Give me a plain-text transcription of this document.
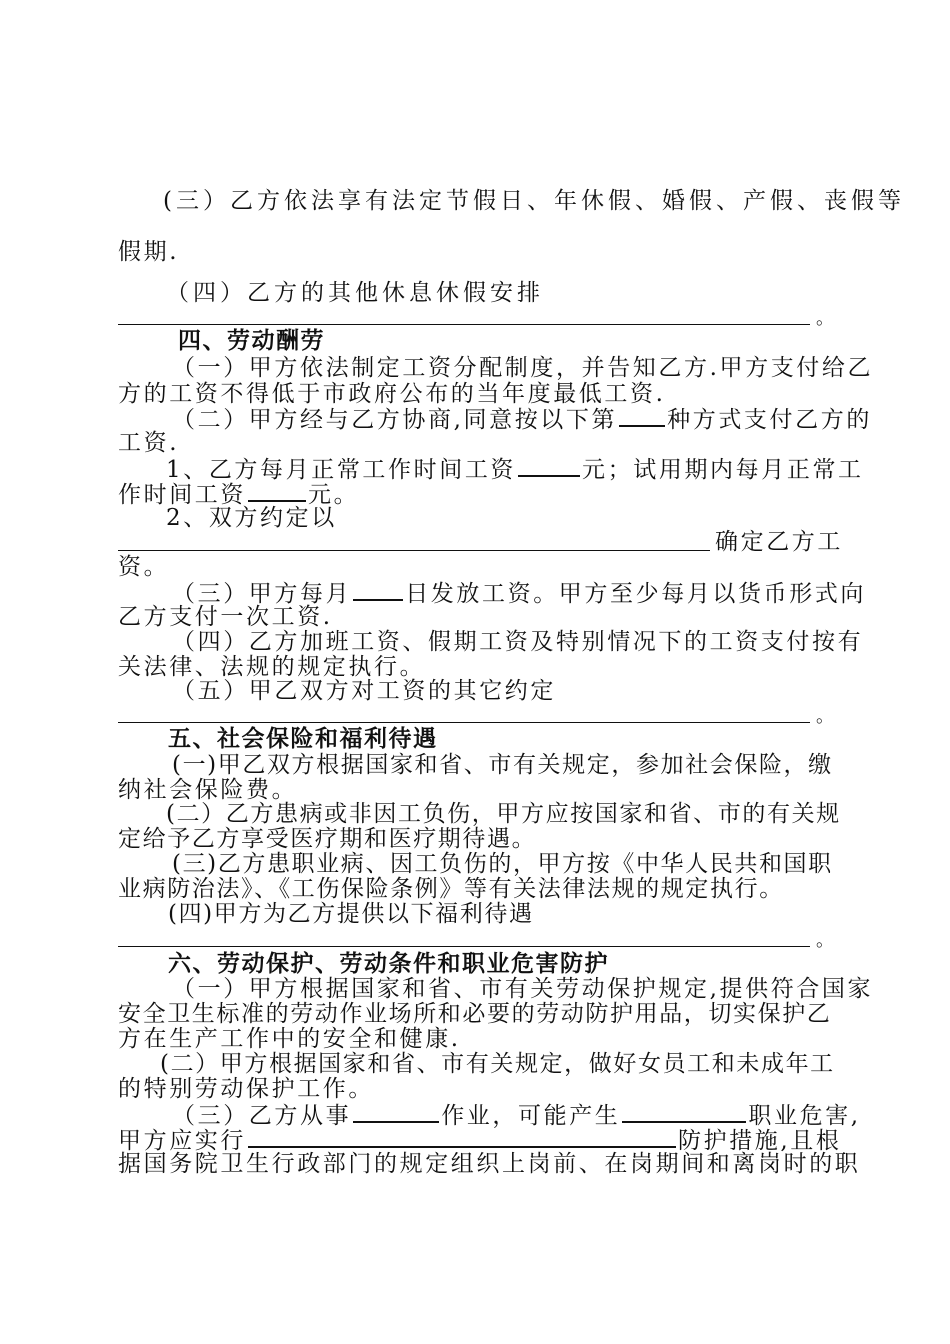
(三）乙方依法享有法定节假日、年休假、婚假、产假、丧假等
假期.
（四）乙方的其他休息休假安排
。
四、劳动酬劳
（一）甲方依法制定工资分配制度，并告知乙方.甲方支付给乙
方的工资不得低于市政府公布的当年度最低工资.
（二）甲方经与乙方协商,同意按以下第 种方式支付乙方的
工资.
1、乙方每月正常工作时间工资	元；试用期内每月正常工
作时间工资	元。
2、双方约定以
确定乙方工
资。
（三）甲方每月 日发放工资。甲方至少每月以货币形式向
乙方支付一次工资.
（四）乙方加班工资、假期工资及特别情况下的工资支付按有
关法律、法规的规定执行。
（五）甲乙双方对工资的其它约定
。
五、社会保险和福利待遇
(一)甲乙双方根据国家和省、市有关规定，参加社会保险，缴
纳社会保险费。
(二）乙方患病或非因工负伤，甲方应按国家和省、市的有关规
定给予乙方享受医疗期和医疗期待遇。
(三)乙方患职业病、因工负伤的，甲方按《中华人民共和国职
业病防治法》、《工伤保险条例》等有关法律法规的规定执行。
(四)甲方为乙方提供以下福利待遇
。
六、劳动保护、劳动条件和职业危害防护
（一）甲方根据国家和省、市有关劳动保护规定,提供符合国家
安全卫生标准的劳动作业场所和必要的劳动防护用品，切实保护乙
方在生产工作中的安全和健康.
(二）甲方根据国家和省、市有关规定，做好女员工和未成年工
的特别劳动保护工作。
（三）乙方从事	作业，可能产生	职业危害,
甲方应实行	防护措施,且根
据国务院卫生行政部门的规定组织上岗前、在岗期间和离岗时的职
